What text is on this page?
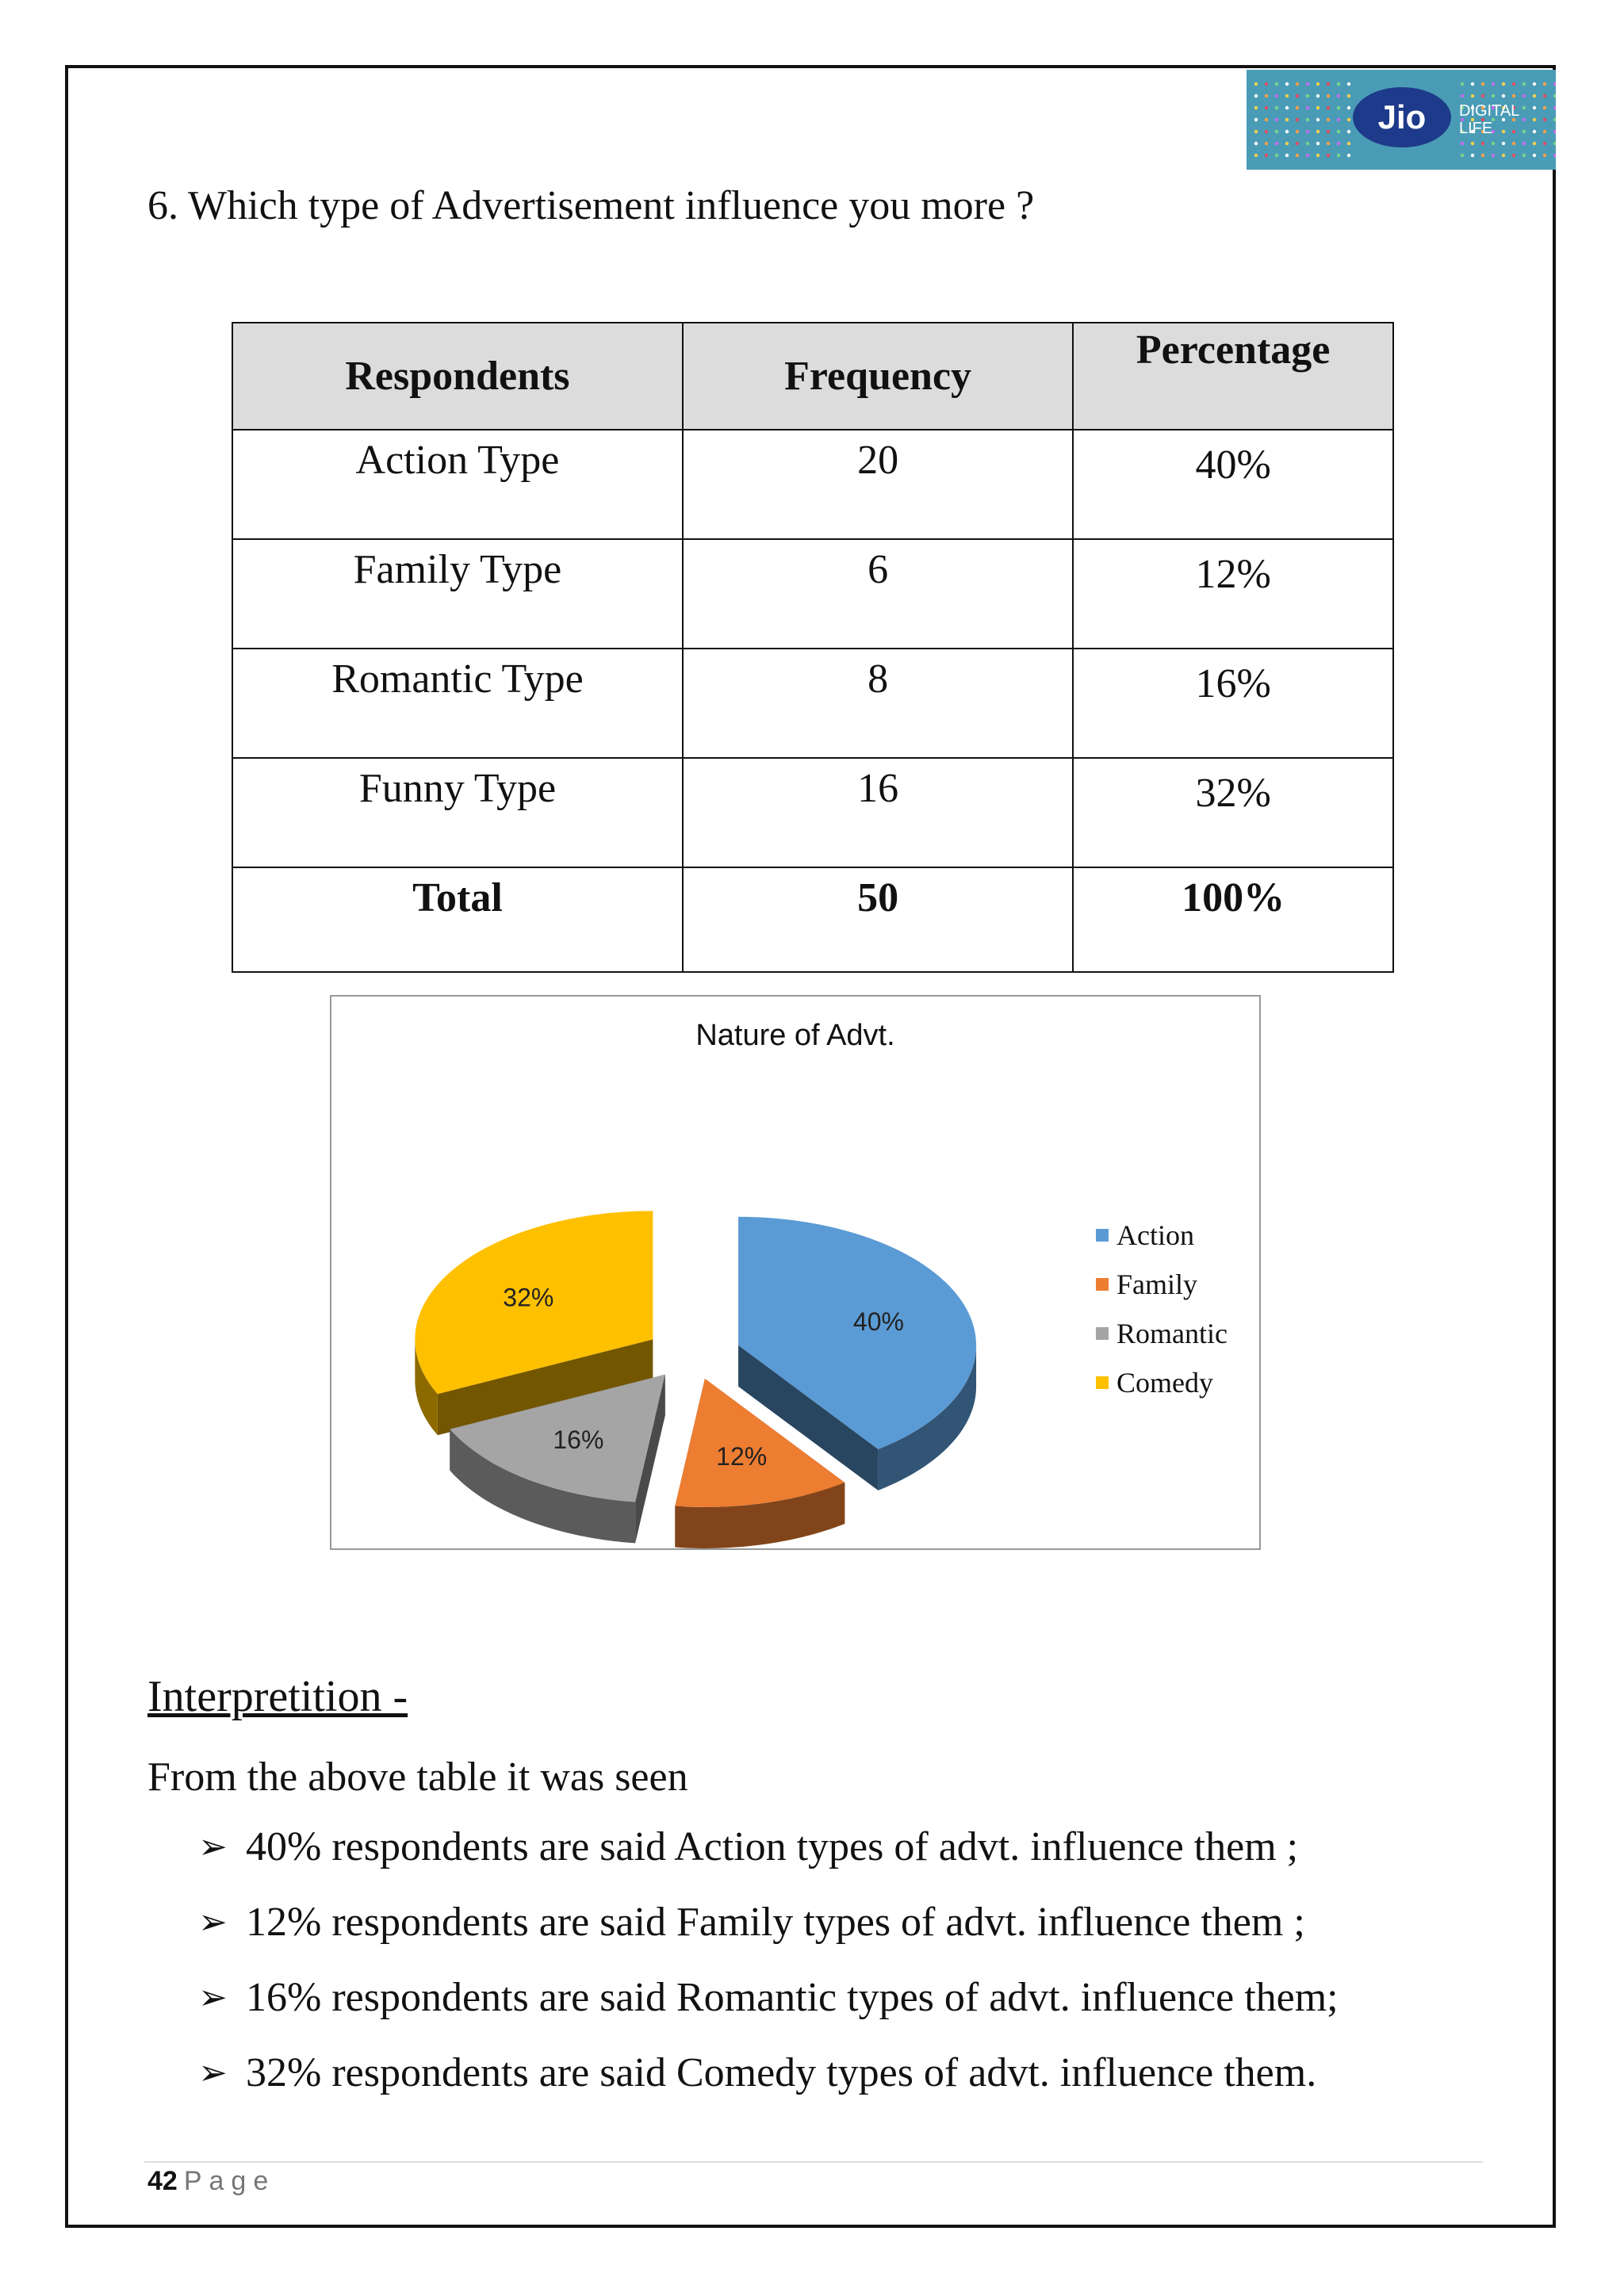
Jio DIGITAL
LIFE
6. Which type of Advertisement influence you more ?
Respondents	Frequency	Percentage
Action Type	20	40%
Family Type	6	12%
Romantic Type	8	16%
Funny Type	16	32%
Total	50	100%
Nature of Advt.
40%
12%
16%
32%
Action
Family
Romantic
Comedy
Interpretition -
From the above table it was seen
➢ 40% respondents are said Action types of advt. influence them ;
➢ 12% respondents are said Family types of advt. influence them ;
➢ 16% respondents are said Romantic types of advt. influence them;
➢ 32% respondents are said Comedy types of advt. influence them.
42 Page
